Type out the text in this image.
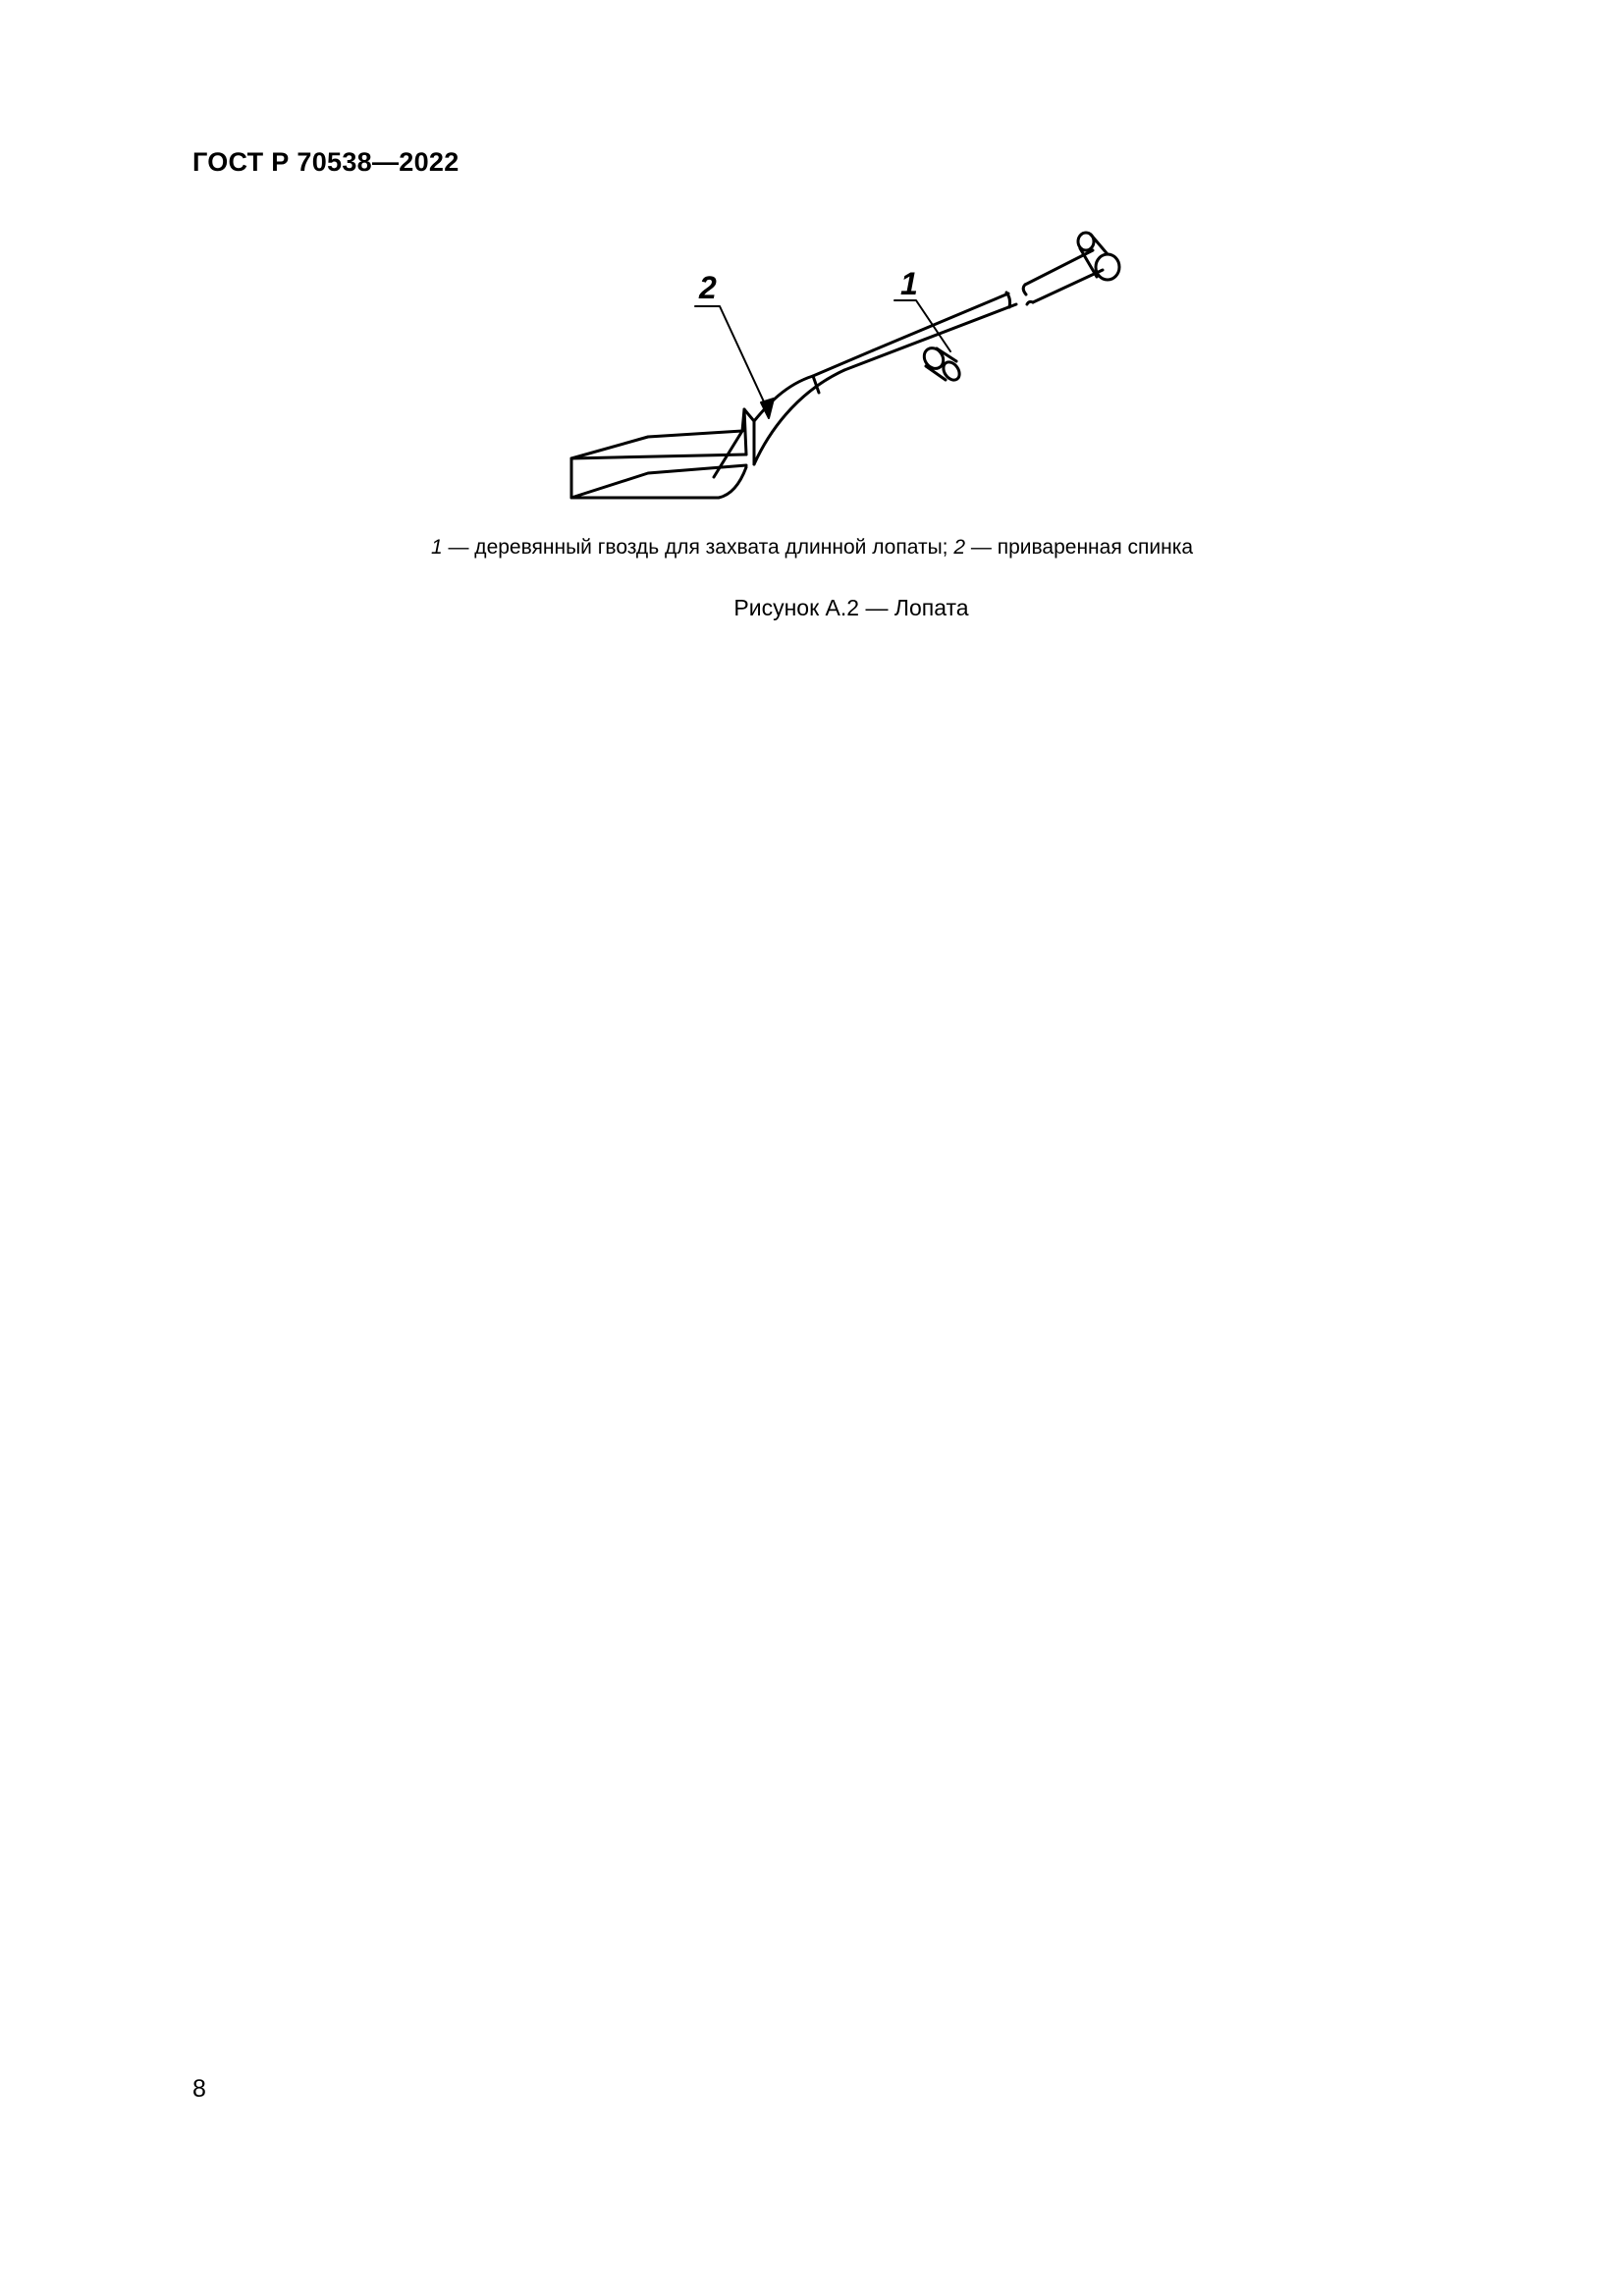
ГОСТ Р 70538—2022
1
2
1 — деревянный гвоздь для захвата длинной лопаты; 2 — приваренная спинка
Рисунок А.2 — Лопата
8
